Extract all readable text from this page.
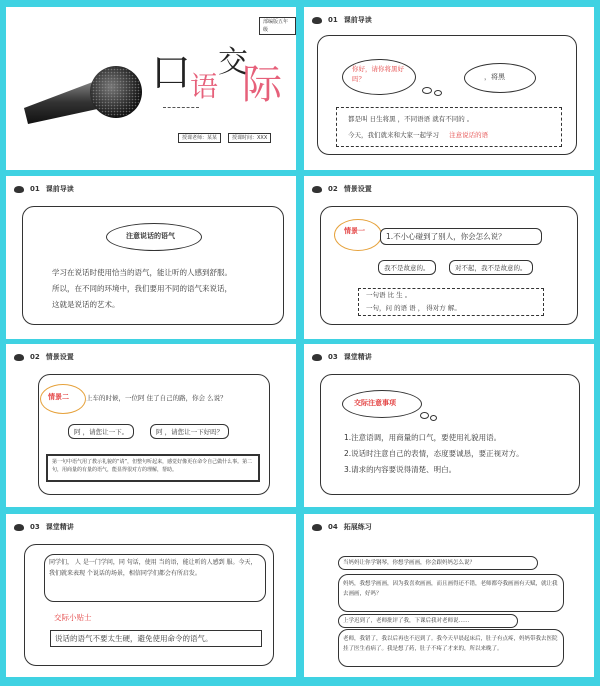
部编版五年级
口 语
交
际
授课老师：某某	授课时间：XXX
01 课前导读
你好，请你将黑好吗？	，将黑
都是叫 日生将黑 ，不同语语 就有不同的 。
今天，我们就来和大家一起学习 注意说话的语
01 课前导读
注意说话的语气
学习在说话时使用恰当的语气，能让听的人感到舒服。
所以，在不同的环境中，我们要用不同的语气来说话，
这就是说话的艺术。
02 情景设置
情景一
1.不小心碰到了别人，你会怎么说？
我不是故意的。	对不起，我不是故意的。
一句语 比 生 。
一句，问 的语 语 ， 得对方 解。
02 情景设置
情景二	上车的时候，一位阿 住了自己的路，你会 么说？
阿 ，请您让一下。	阿 ，请您让一下好吗？
第一句中语气用了教示礼貌的“请”，但整句听起来，感觉好像更在命令自己做什么事。第二句，用商量的有量的语气，能显得很对方的理解，帮助。
03 课堂精讲
交际注意事项
1.注意语调，用商量的口气，要使用礼貌用语。
2.说话时注意自己的表情，态度要诚恳，要正视对方。
3.请求的内容要说得清楚、明白。
03 课堂精讲
同学们， 人 是一门学问，同 句话，使用 当的语，能让听的人感到 服。今天，我们就来表现 个说话的场景，相信同学们都会有所启发。
交际小贴士
说话的语气不要太生硬，避免使用命令的语气。
04 拓展练习
当妈妈让你学钢琴，你想学画画，你会跟妈妈怎么说？
妈妈，我想学画画，因为我喜欢画画，而且画得还不错，老师都夸我画画有天赋，就让我去画画，好吗？
上学迟到了，老师批评了我，下课后我对老师说……
老师，我错了，我以后再也不迟到了。我今天早晨起床后，肚子有点疼，妈妈带我去医院挂了医生看病了。我是想了药，肚子不疼了才来的，所以来晚了。
